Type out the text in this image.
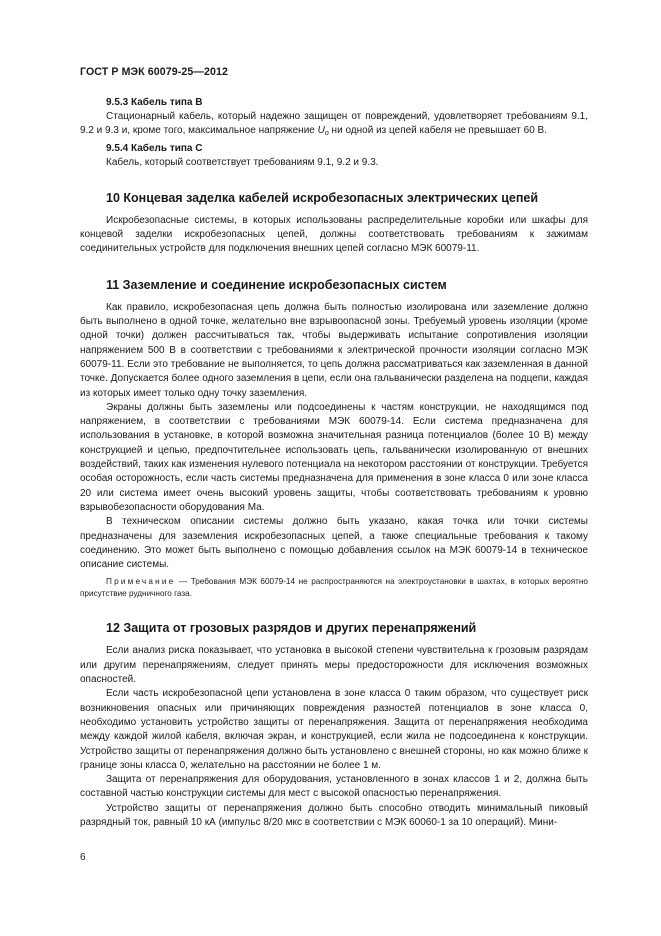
ГОСТ Р МЭК 60079-25—2012
9.5.3 Кабель типа В

Стационарный кабель, который надежно защищен от повреждений, удовлетворяет требованиям 9.1, 9.2 и 9.3 и, кроме того, максимальное напряжение $U_o$ ни одной из цепей кабеля не превышает 60 В.

9.5.4 Кабель типа С

Кабель, который соответствует требованиям 9.1, 9.2 и 9.3.

10 Концевая заделка кабелей искробезопасных электрических цепей

Искробезопасные системы, в которых использованы распределительные коробки или шкафы для концевой заделки искробезопасных цепей, должны соответствовать требованиям к зажимам соединительных устройств для подключения внешних цепей согласно МЭК 60079-11.

11 Заземление и соединение искробезопасных систем

Как правило, искробезопасная цепь должна быть полностью изолирована или заземление должно быть выполнено в одной точке, желательно вне взрывоопасной зоны. Требуемый уровень изоляции (кроме одной точки) должен рассчитываться так, чтобы выдерживать испытание сопротивления изоляции напряжением 500 В в соответствии с требованиями к электрической прочности изоляции согласно МЭК 60079-11. Если это требование не выполняется, то цепь должна рассматриваться как заземленная в данной точке. Допускается более одного заземления в цепи, если она гальванически разделена на подцепи, каждая из которых имеет только одну точку заземления.

Экраны должны быть заземлены или подсоединены к частям конструкции, не находящимся под напряжением, в соответствии с требованиями МЭК 60079-14. Если система предназначена для использования в установке, в которой возможна значительная разница потенциалов (более 10 В) между конструкцией и цепью, предпочтительнее использовать цепь, гальванически изолированную от внешних воздействий, таких как изменения нулевого потенциала на некотором расстоянии от конструкции. Требуется особая осторожность, если часть системы предназначена для применения в зоне класса 0 или зоне класса 20 или система имеет очень высокий уровень защиты, чтобы соответствовать требованиям к уровню взрывобезопасности оборудования Ма.

В техническом описании системы должно быть указано, какая точка или точки системы предназначены для заземления искробезопасных цепей, а также специальные требования к такому соединению. Это может быть выполнено с помощью добавления ссылок на МЭК 60079-14 в техническое описание системы.

Примечание — Требования МЭК 60079-14 не распространяются на электроустановки в шахтах, в которых вероятно присутствие рудничного газа.

12 Защита от грозовых разрядов и других перенапряжений

Если анализ риска показывает, что установка в высокой степени чувствительна к грозовым разрядам или другим перенапряжениям, следует принять меры предосторожности для исключения возможных опасностей.

Если часть искробезопасной цепи установлена в зоне класса 0 таким образом, что существует риск возникновения опасных или причиняющих повреждения разностей потенциалов в зоне класса 0, необходимо установить устройство защиты от перенапряжения. Защита от перенапряжения необходима между каждой жилой кабеля, включая экран, и конструкцией, если жила не подсоединена к конструкции. Устройство защиты от перенапряжения должно быть установлено с внешней стороны, но как можно ближе к границе зоны класса 0, желательно на расстоянии не более 1 м.

Защита от перенапряжения для оборудования, установленного в зонах классов 1 и 2, должна быть составной частью конструкции системы для мест с высокой опасностью перенапряжения.

Устройство защиты от перенапряжения должно быть способно отводить минимальный пиковый разрядный ток, равный 10 кА (импульс 8/20 мкс в соответствии с МЭК 60060-1 за 10 операций). Мини-

6
